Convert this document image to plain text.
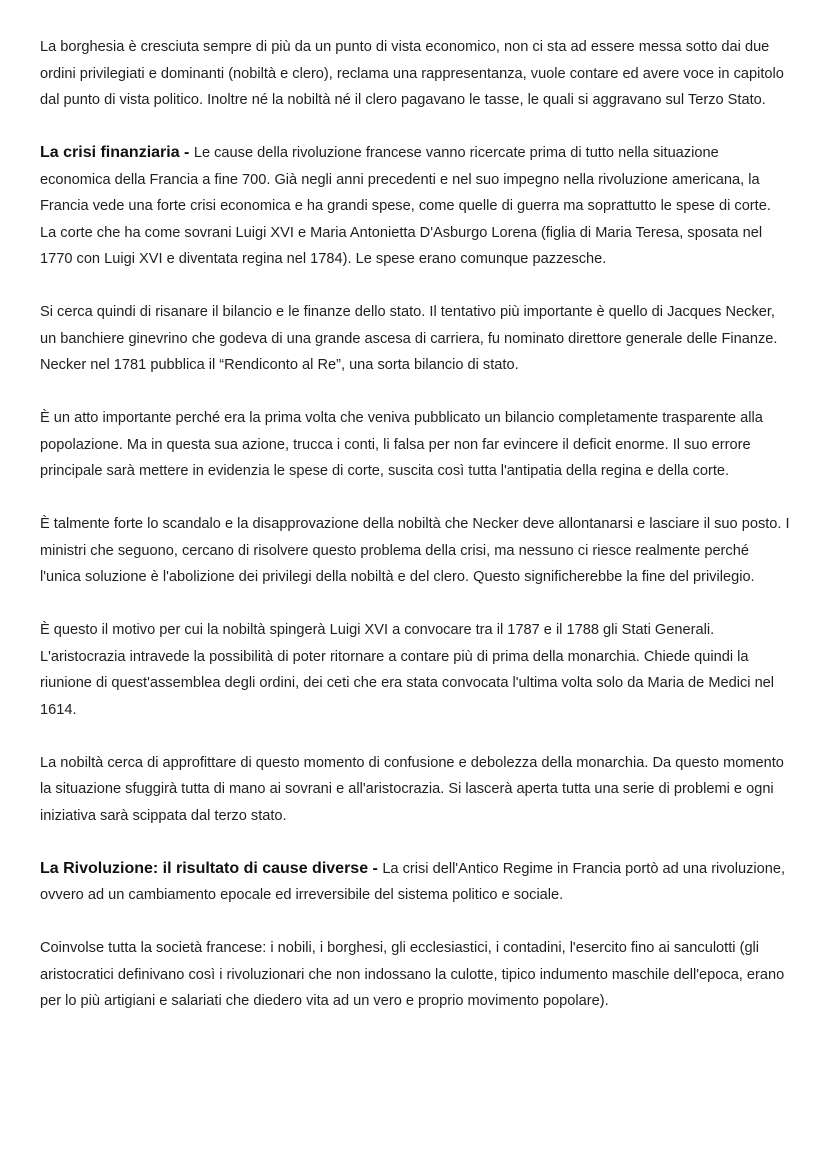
La borghesia è cresciuta sempre di più da un punto di vista economico, non ci sta ad essere messa sotto dai due ordini privilegiati e dominanti (nobiltà e clero), reclama una rappresentanza, vuole contare ed avere voce in capitolo dal punto di vista politico. Inoltre né la nobiltà né il clero pagavano le tasse, le quali si aggravano sul Terzo Stato.

La crisi finanziaria - Le cause della rivoluzione francese vanno ricercate prima di tutto nella situazione economica della Francia a fine 700. Già negli anni precedenti e nel suo impegno nella rivoluzione americana, la Francia vede una forte crisi economica e ha grandi spese, come quelle di guerra ma soprattutto le spese di corte. La corte che ha come sovrani Luigi XVI e Maria Antonietta D'Asburgo Lorena (figlia di Maria Teresa, sposata nel 1770 con Luigi XVI e diventata regina nel 1784). Le spese erano comunque pazzesche.

Si cerca quindi di risanare il bilancio e le finanze dello stato. Il tentativo più importante è quello di Jacques Necker, un banchiere ginevrino che godeva di una grande ascesa di carriera, fu nominato direttore generale delle Finanze. Necker nel 1781 pubblica il “Rendiconto al Re”, una sorta bilancio di stato.

È un atto importante perché era la prima volta che veniva pubblicato un bilancio completamente trasparente alla popolazione. Ma in questa sua azione, trucca i conti, li falsa per non far evincere il deficit enorme. Il suo errore principale sarà mettere in evidenzia le spese di corte, suscita così tutta l'antipatia della regina e della corte.

È talmente forte lo scandalo e la disapprovazione della nobiltà che Necker deve allontanarsi e lasciare il suo posto. I ministri che seguono, cercano di risolvere questo problema della crisi, ma nessuno ci riesce realmente perché l'unica soluzione è l'abolizione dei privilegi della nobiltà e del clero. Questo significherebbe la fine del privilegio.

È questo il motivo per cui la nobiltà spingerà Luigi XVI a convocare tra il 1787 e il 1788 gli Stati Generali. L'aristocrazia intravede la possibilità di poter ritornare a contare più di prima della monarchia. Chiede quindi la riunione di quest'assemblea degli ordini, dei ceti che era stata convocata l'ultima volta solo da Maria de Medici nel 1614.

La nobiltà cerca di approfittare di questo momento di confusione e debolezza della monarchia. Da questo momento la situazione sfuggirà tutta di mano ai sovrani e all'aristocrazia. Si lascerà aperta tutta una serie di problemi e ogni iniziativa sarà scippata dal terzo stato.

La Rivoluzione: il risultato di cause diverse - La crisi dell'Antico Regime in Francia portò ad una rivoluzione, ovvero ad un cambiamento epocale ed irreversibile del sistema politico e sociale.

Coinvolse tutta la società francese: i nobili, i borghesi, gli ecclesiastici, i contadini, l'esercito fino ai sanculotti (gli aristocratici definivano così i rivoluzionari che non indossano la culotte, tipico indumento maschile dell'epoca, erano per lo più artigiani e salariati che diedero vita ad un vero e proprio movimento popolare).
